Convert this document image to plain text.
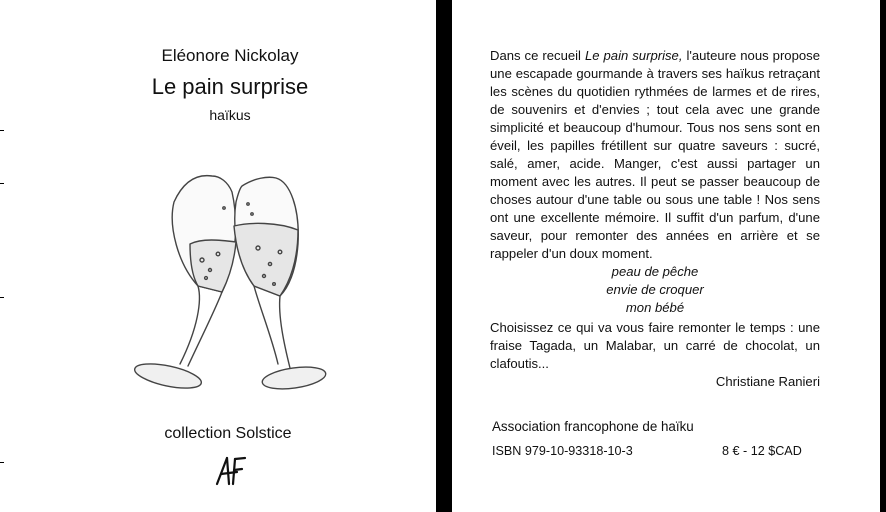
Eléonore Nickolay
Le pain surprise
haïkus
collection Solstice
Dans ce recueil Le pain surprise, l'auteure nous propose une escapade gourmande à travers ses haïkus retraçant les scènes du quotidien rythmées de larmes et de rires, de souvenirs et d'envies ; tout cela avec une grande simplicité et beaucoup d'humour. Tous nos sens sont en éveil, les papilles frétillent sur quatre saveurs : sucré, salé, amer, acide. Manger, c'est aussi partager un moment avec les autres. Il peut se passer beaucoup de choses autour d'une table ou sous une table ! Nos sens ont une excellente mémoire. Il suffit d'un parfum, d'une saveur, pour remonter des années en arrière et se rappeler d'un doux moment.
peau de pêche
envie de croquer
mon bébé
Choisissez ce qui va vous faire remonter le temps : une fraise Tagada, un Malabar, un carré de chocolat, un clafoutis...
Christiane Ranieri
Association francophone de haïku
ISBN 979-10-93318-10-3	8 € - 12 $CAD
